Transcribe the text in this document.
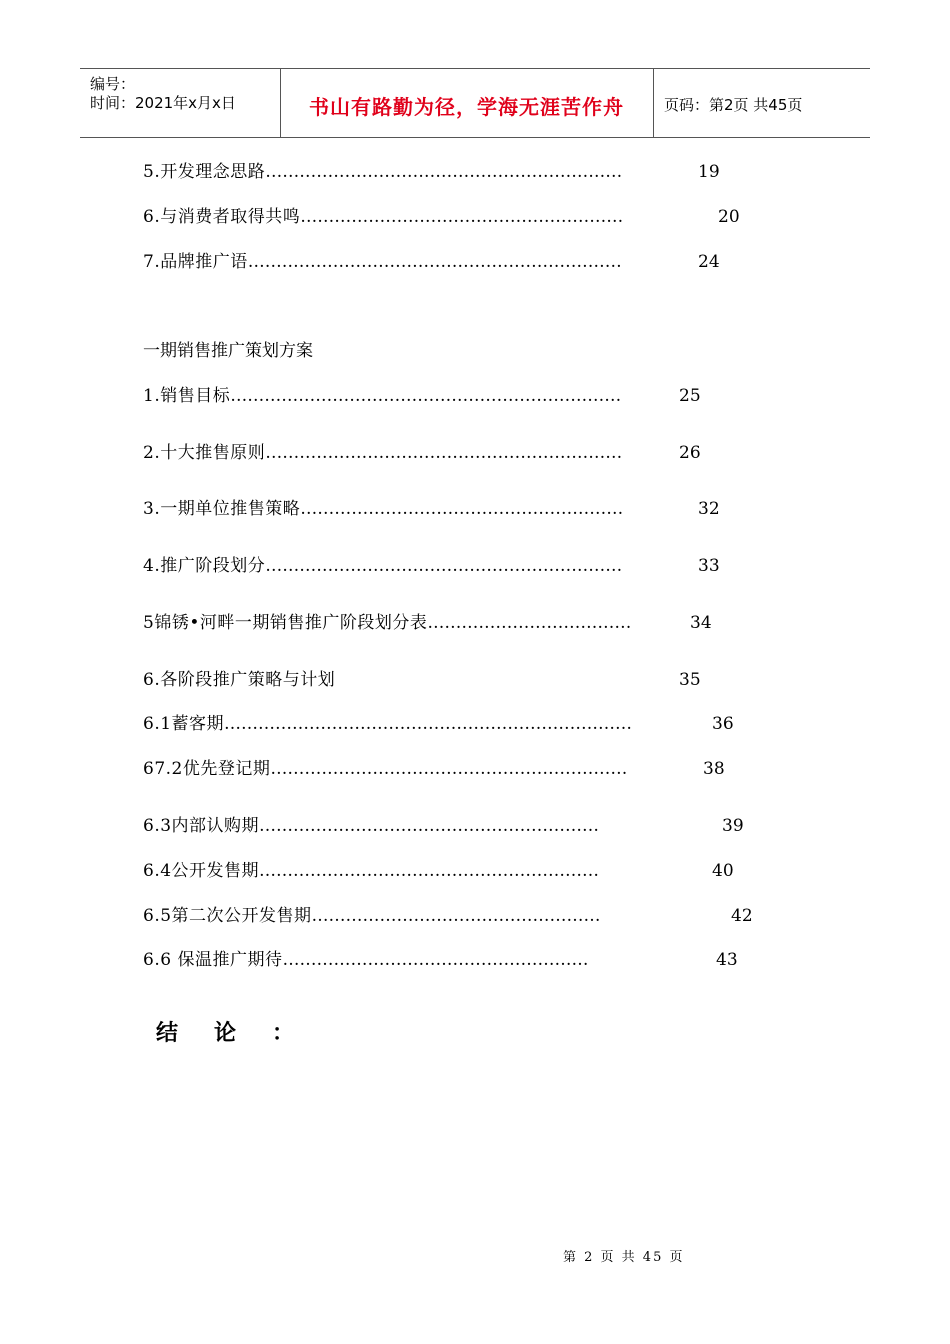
编号：
时间：2021年x月x日	书山有路勤为径，学海无涯苦作舟	页码：第2页 共45页
5.开发理念思路………………………………………………………	19
6.与消费者取得共鸣…………………………………………………	20
7.品牌推广语…………………………………………………………	24
一期销售推广策划方案
1.销售目标……………………………………………………………	25
2.十大推售原则………………………………………………………	26
3.一期单位推售策略…………………………………………………	32
4.推广阶段划分………………………………………………………	33
5锦锈•河畔一期销售推广阶段划分表………………………………	34
6.各阶段推广策略与计划	35
6.1蓄客期………………………………………………………………	36
67.2优先登记期………………………………………………………	38
6.3内部认购期……………………………………………………	39
6.4公开发售期……………………………………………………	40
6.5第二次公开发售期……………………………………………	42
6.6 保温推广期待………………………………………………	43
结论：
第 2 页 共 45 页
